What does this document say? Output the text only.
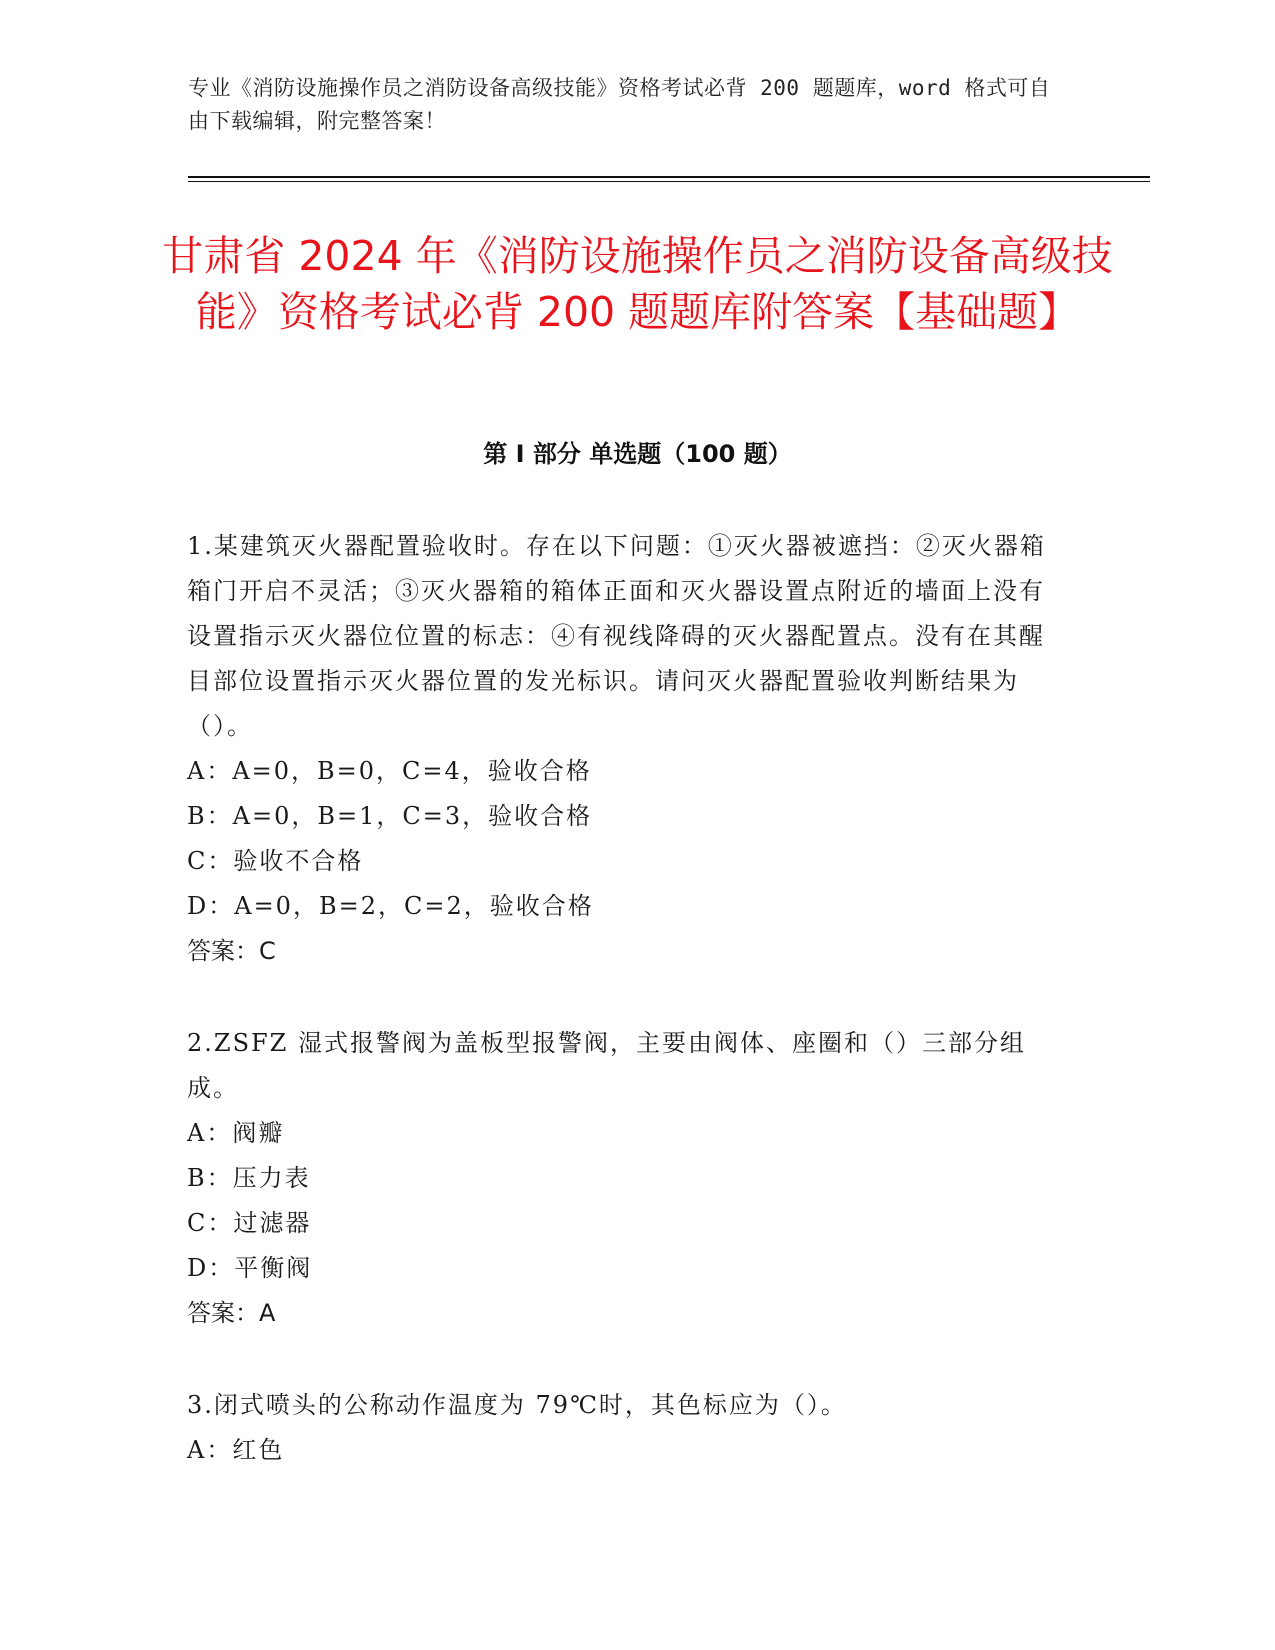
专业《消防设施操作员之消防设备高级技能》资格考试必背 200 题题库，word 格式可自由下载编辑，附完整答案！
甘肃省 2024 年《消防设施操作员之消防设备高级技能》资格考试必背 200 题题库附答案【基础题】
第 I 部分 单选题（100 题）

1.某建筑灭火器配置验收时。存在以下问题：①灭火器被遮挡：②灭火器箱箱门开启不灵活；③灭火器箱的箱体正面和灭火器设置点附近的墙面上没有设置指示灭火器位位置的标志：④有视线降碍的灭火器配置点。没有在其醒目部位设置指示灭火器位置的发光标识。请问灭火器配置验收判断结果为（）。

A：A=0，B=0，C=4，验收合格

B：A=0，B=1，C=3，验收合格

C：验收不合格

D：A=0，B=2，C=2，验收合格

答案：C

2.ZSFZ 湿式报警阀为盖板型报警阀，主要由阀体、座圈和（）三部分组成。

A：阀瓣

B：压力表

C：过滤器

D：平衡阀

答案：A

3.闭式喷头的公称动作温度为 79℃时，其色标应为（）。

A：红色
